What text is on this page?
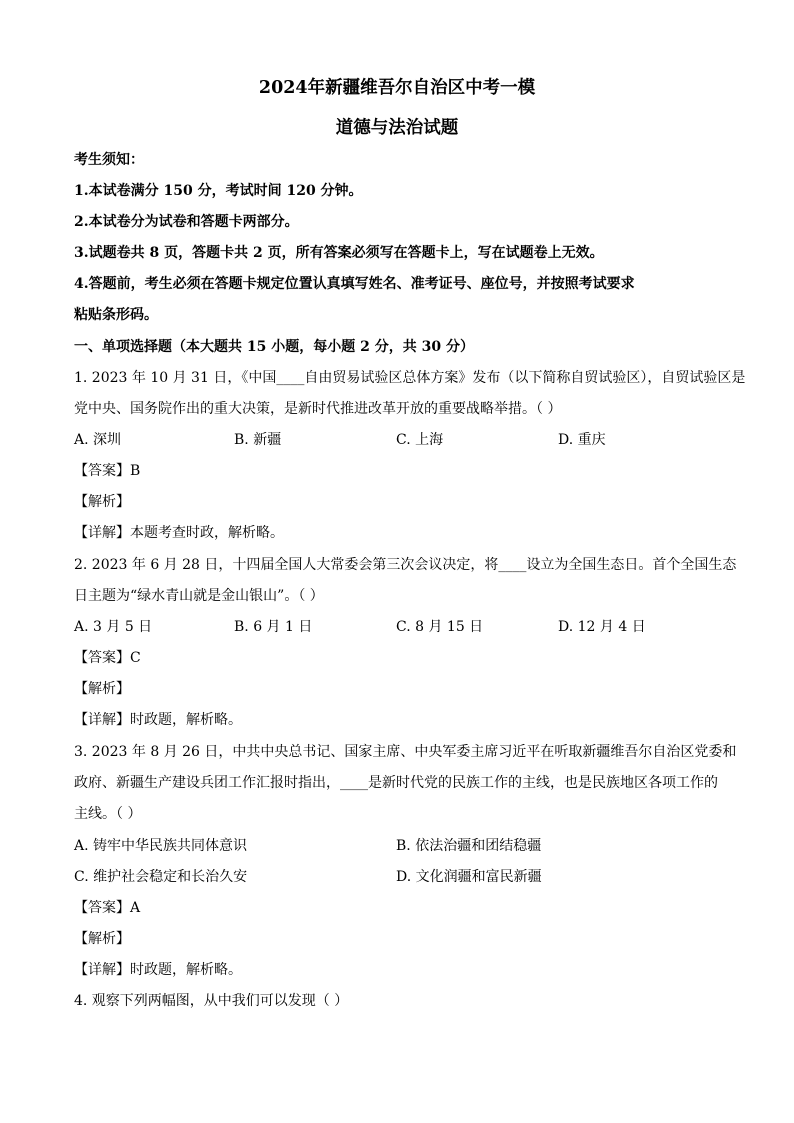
2024年新疆维吾尔自治区中考一模
道德与法治试题
考生须知：
1.本试卷满分 150 分，考试时间 120 分钟。
2.本试卷分为试卷和答题卡两部分。
3.试题卷共 8 页，答题卡共 2 页，所有答案必须写在答题卡上，写在试题卷上无效。
4.答题前，考生必须在答题卡规定位置认真填写姓名、准考证号、座位号，并按照考试要求
粘贴条形码。
一、单项选择题（本大题共 15 小题，每小题 2 分，共 30 分）
1. 2023 年 10 月 31 日，《中国____自由贸易试验区总体方案》发布（以下简称自贸试验区），自贸试验区是
党中央、国务院作出的重大决策，是新时代推进改革开放的重要战略举措。（ ）
A. 深圳	B. 新疆	C. 上海	D. 重庆
【答案】B
【解析】
【详解】本题考查时政，解析略。
2. 2023 年 6 月 28 日，十四届全国人大常委会第三次会议决定，将____设立为全国生态日。首个全国生态
日主题为“绿水青山就是金山银山”。（ ）
A. 3 月 5 日	B. 6 月 1 日	C. 8 月 15 日	D. 12 月 4 日
【答案】C
【解析】
【详解】时政题，解析略。
3. 2023 年 8 月 26 日，中共中央总书记、国家主席、中央军委主席习近平在听取新疆维吾尔自治区党委和
政府、新疆生产建设兵团工作汇报时指出，____是新时代党的民族工作的主线，也是民族地区各项工作的
主线。（ ）
A. 铸牢中华民族共同体意识	B. 依法治疆和团结稳疆
C. 维护社会稳定和长治久安	D. 文化润疆和富民新疆
【答案】A
【解析】
【详解】时政题，解析略。
4. 观察下列两幅图，从中我们可以发现（ ）
